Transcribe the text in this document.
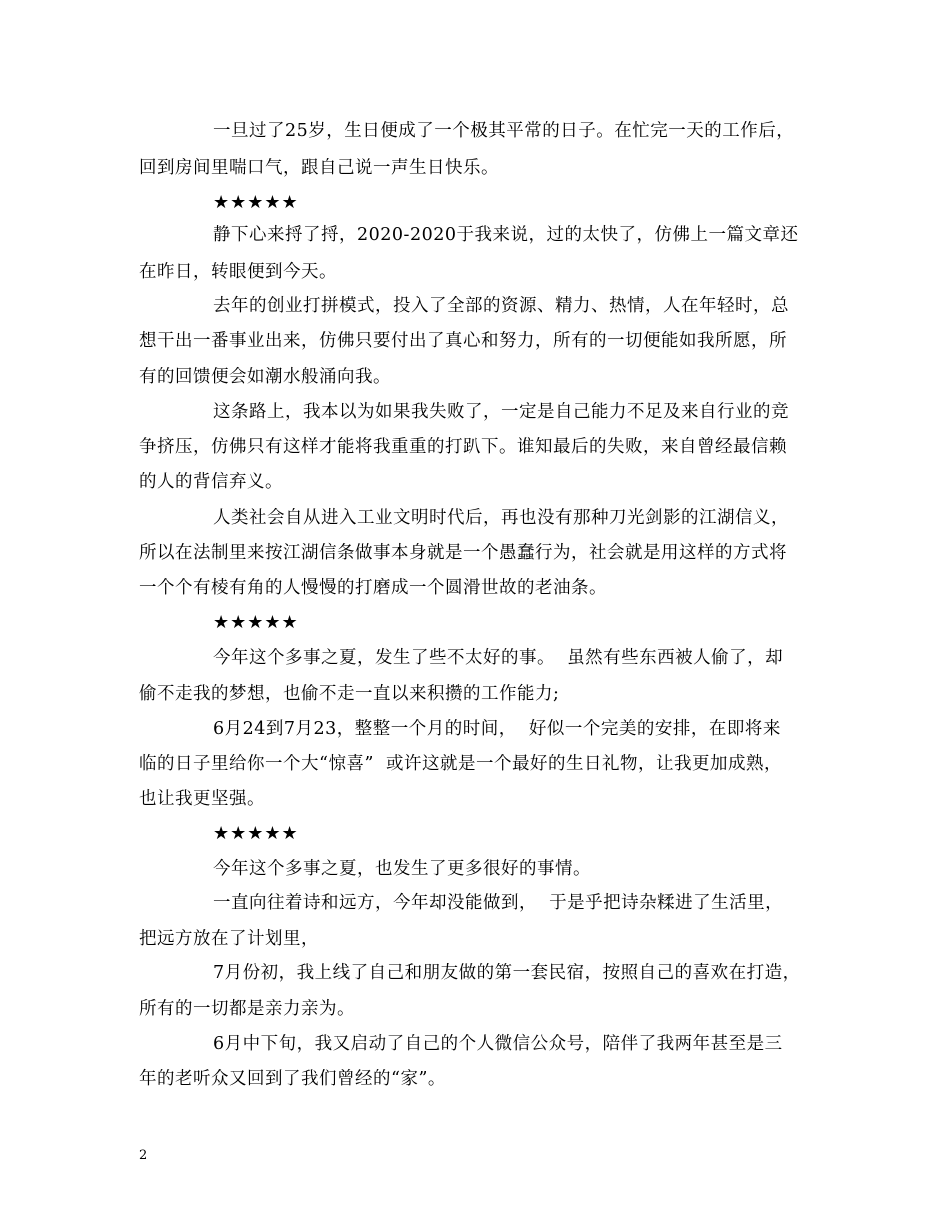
一旦过了25岁，生日便成了一个极其平常的日子。在忙完一天的工作后，
回到房间里喘口气，跟自己说一声生日快乐。
★★★★★
静下心来捋了捋，2020-2020于我来说，过的太快了，仿佛上一篇文章还
在昨日，转眼便到今天。
去年的创业打拼模式，投入了全部的资源、精力、热情，人在年轻时，总
想干出一番事业出来，仿佛只要付出了真心和努力，所有的一切便能如我所愿，所
有的回馈便会如潮水般涌向我。
这条路上，我本以为如果我失败了，一定是自己能力不足及来自行业的竞
争挤压，仿佛只有这样才能将我重重的打趴下。谁知最后的失败，来自曾经最信赖
的人的背信弃义。
人类社会自从进入工业文明时代后，再也没有那种刀光剑影的江湖信义，
所以在法制里来按江湖信条做事本身就是一个愚蠢行为，社会就是用这样的方式将
一个个有棱有角的人慢慢的打磨成一个圆滑世故的老油条。
★★★★★
今年这个多事之夏，发生了些不太好的事。  虽然有些东西被人偷了，却
偷不走我的梦想，也偷不走一直以来积攒的工作能力;
6月24到7月23，整整一个月的时间，  好似一个完美的安排，在即将来
临的日子里给你一个大“惊喜”  或许这就是一个最好的生日礼物，让我更加成熟，
也让我更坚强。
★★★★★
今年这个多事之夏，也发生了更多很好的事情。
一直向往着诗和远方，今年却没能做到，  于是乎把诗杂糅进了生活里，
把远方放在了计划里，
7月份初，我上线了自己和朋友做的第一套民宿，按照自己的喜欢在打造，
所有的一切都是亲力亲为。
6月中下旬，我又启动了自己的个人微信公众号，陪伴了我两年甚至是三
年的老听众又回到了我们曾经的“家”。
2
